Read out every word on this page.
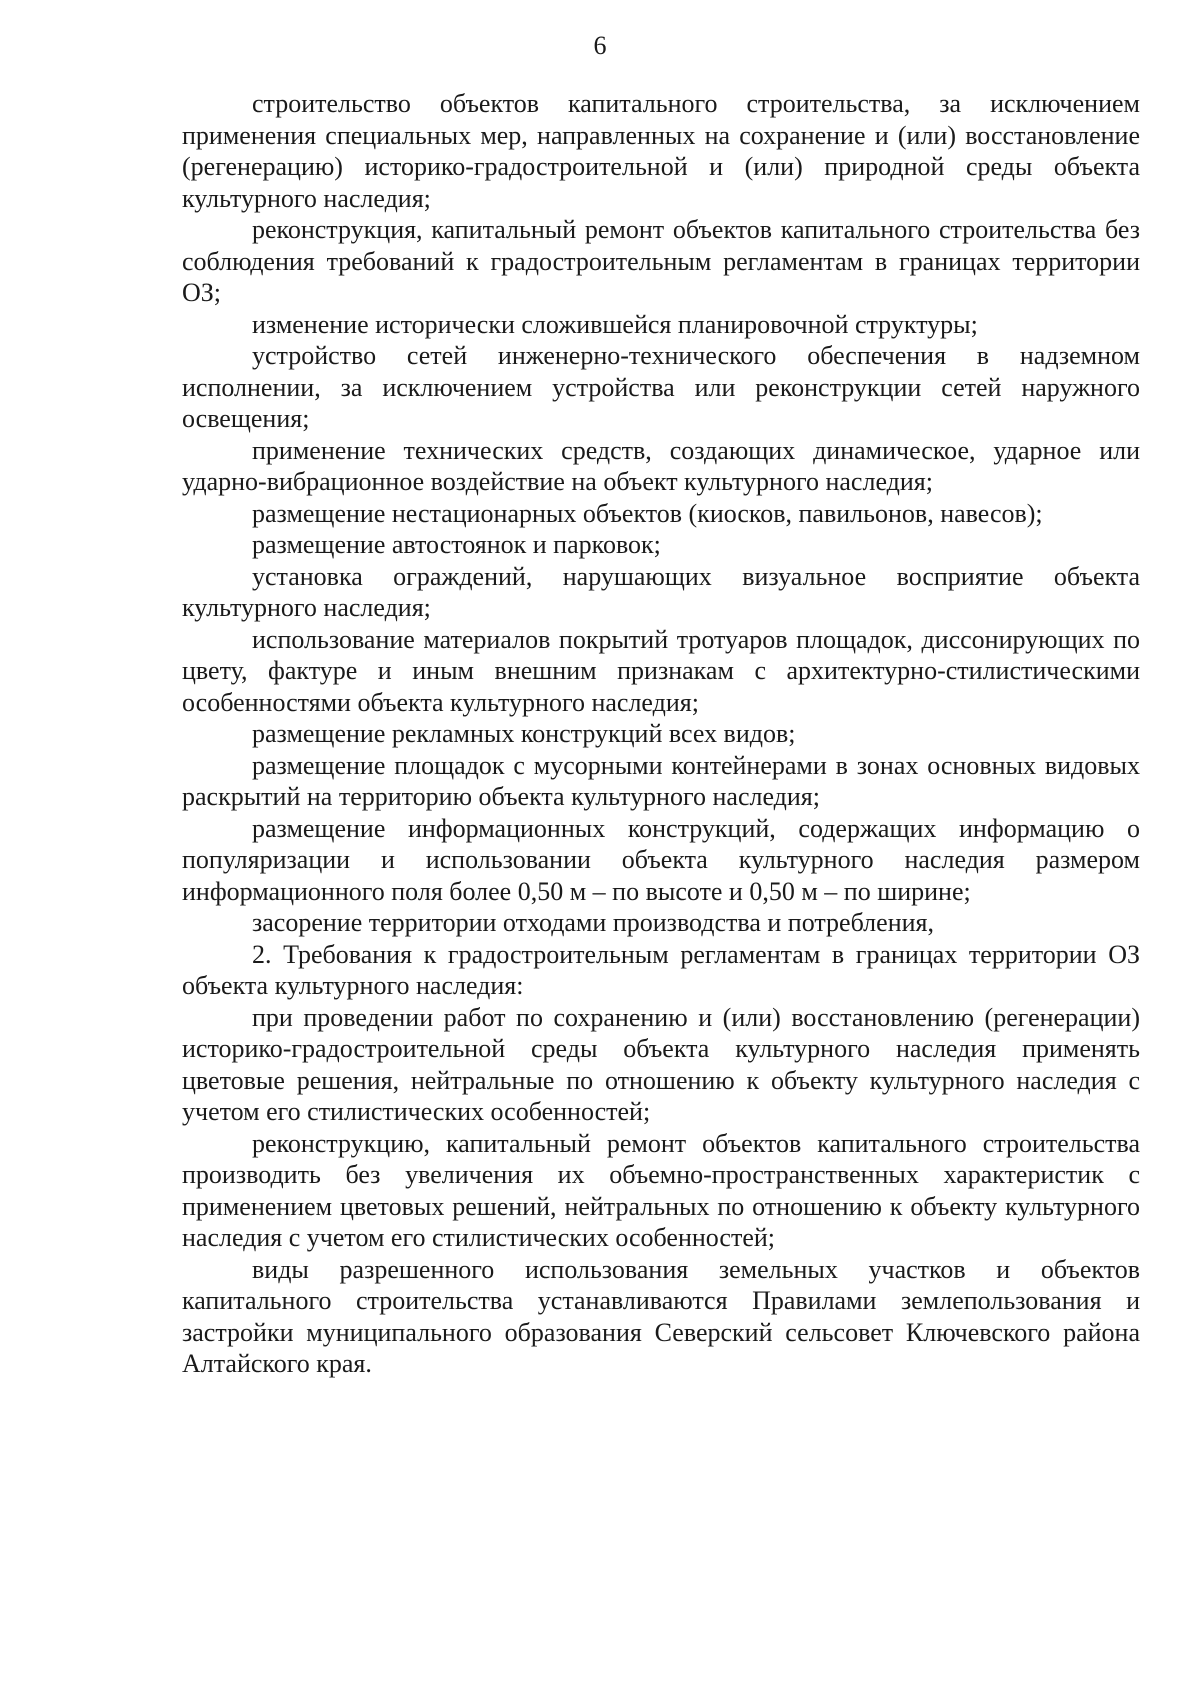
6

строительство объектов капитального строительства, за исключением применения специальных мер, направленных на сохранение и (или) восстановление (регенерацию) историко-градостроительной и (или) природной среды объекта культурного наследия;

реконструкция, капитальный ремонт объектов капитального строительства без соблюдения требований к градостроительным регламентам в границах территории ОЗ;

изменение исторически сложившейся планировочной структуры;

устройство сетей инженерно-технического обеспечения в надземном исполнении, за исключением устройства или реконструкции сетей наружного освещения;

применение технических средств, создающих динамическое, ударное или ударно-вибрационное воздействие на объект культурного наследия;

размещение нестационарных объектов (киосков, павильонов, навесов);

размещение автостоянок и парковок;

установка ограждений, нарушающих визуальное восприятие объекта культурного наследия;

использование материалов покрытий тротуаров площадок, диссонирующих по цвету, фактуре и иным внешним признакам с архитектурно-стилистическими особенностями объекта культурного наследия;

размещение рекламных конструкций всех видов;

размещение площадок с мусорными контейнерами в зонах основных видовых раскрытий на территорию объекта культурного наследия;

размещение информационных конструкций, содержащих информацию о популяризации и использовании объекта культурного наследия размером информационного поля более 0,50 м – по высоте и 0,50 м – по ширине;

засорение территории отходами производства и потребления,

2. Требования к градостроительным регламентам в границах территории ОЗ объекта культурного наследия:

при проведении работ по сохранению и (или) восстановлению (регенерации) историко-градостроительной среды объекта культурного наследия применять цветовые решения, нейтральные по отношению к объекту культурного наследия с учетом его стилистических особенностей;

реконструкцию, капитальный ремонт объектов капитального строительства производить без увеличения их объемно-пространственных характеристик с применением цветовых решений, нейтральных по отношению к объекту культурного наследия с учетом его стилистических особенностей;

виды разрешенного использования земельных участков и объектов капитального строительства устанавливаются Правилами землепользования и застройки муниципального образования Северский сельсовет Ключевского района Алтайского края.
